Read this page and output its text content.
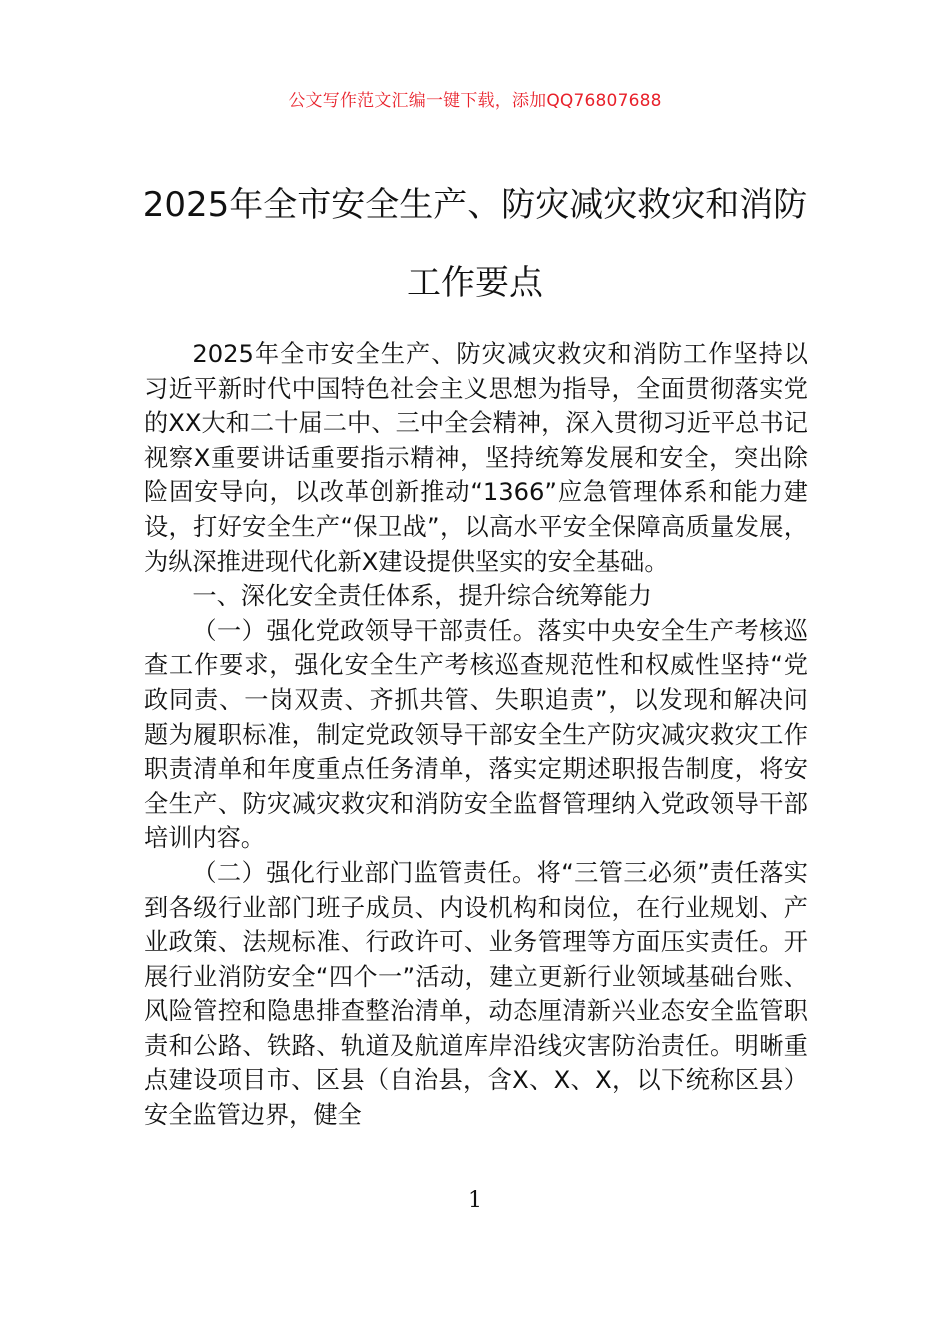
公文写作范文汇编一键下载，添加QQ76807688
2025年全市安全生产、防灾减灾救灾和消防工作要点

2025年全市安全生产、防灾减灾救灾和消防工作坚持以习近平新时代中国特色社会主义思想为指导，全面贯彻落实党的XX大和二十届二中、三中全会精神，深入贯彻习近平总书记视察X重要讲话重要指示精神，坚持统筹发展和安全，突出除险固安导向，以改革创新推动“1366”应急管理体系和能力建设，打好安全生产“保卫战”，以高水平安全保障高质量发展，为纵深推进现代化新X建设提供坚实的安全基础。

一、深化安全责任体系，提升综合统筹能力

（一）强化党政领导干部责任。落实中央安全生产考核巡查工作要求，强化安全生产考核巡查规范性和权威性坚持“党政同责、一岗双责、齐抓共管、失职追责”，以发现和解决问题为履职标准，制定党政领导干部安全生产防灾减灾救灾工作职责清单和年度重点任务清单，落实定期述职报告制度，将安全生产、防灾减灾救灾和消防安全监督管理纳入党政领导干部培训内容。

（二）强化行业部门监管责任。将“三管三必须”责任落实到各级行业部门班子成员、内设机构和岗位，在行业规划、产业政策、法规标准、行政许可、业务管理等方面压实责任。开展行业消防安全“四个一”活动，建立更新行业领域基础台账、风险管控和隐患排查整治清单，动态厘清新兴业态安全监管职责和公路、铁路、轨道及航道库岸沿线灾害防治责任。明晰重点建设项目市、区县（自治县，含X、X、X，以下统称区县）安全监管边界，健全

1
